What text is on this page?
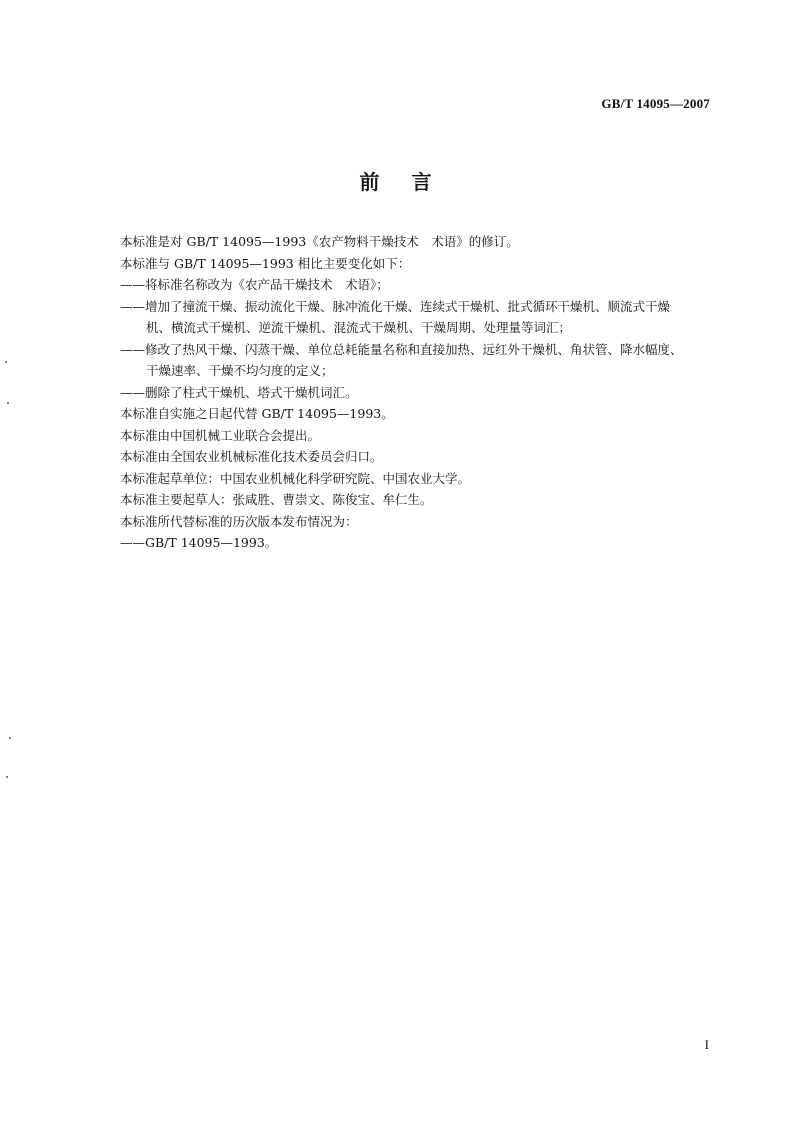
GB/T 14095—2007
前 言

本标准是对 GB/T 14095—1993《农产物料干燥技术　术语》的修订。

本标准与 GB/T 14095—1993 相比主要变化如下：

——将标准名称改为《农产品干燥技术　术语》；

——增加了撞流干燥、振动流化干燥、脉冲流化干燥、连续式干燥机、批式循环干燥机、顺流式干燥

机、横流式干燥机、逆流干燥机、混流式干燥机、干燥周期、处理量等词汇；

——修改了热风干燥、闪蒸干燥、单位总耗能量名称和直接加热、远红外干燥机、角状管、降水幅度、

干燥速率、干燥不均匀度的定义；

——删除了柱式干燥机、塔式干燥机词汇。

本标准自实施之日起代替 GB/T 14095—1993。

本标准由中国机械工业联合会提出。

本标准由全国农业机械标准化技术委员会归口。

本标准起草单位：中国农业机械化科学研究院、中国农业大学。

本标准主要起草人：张咸胜、曹崇文、陈俊宝、牟仁生。

本标准所代替标准的历次版本发布情况为：

——GB/T 14095—1993。

I
